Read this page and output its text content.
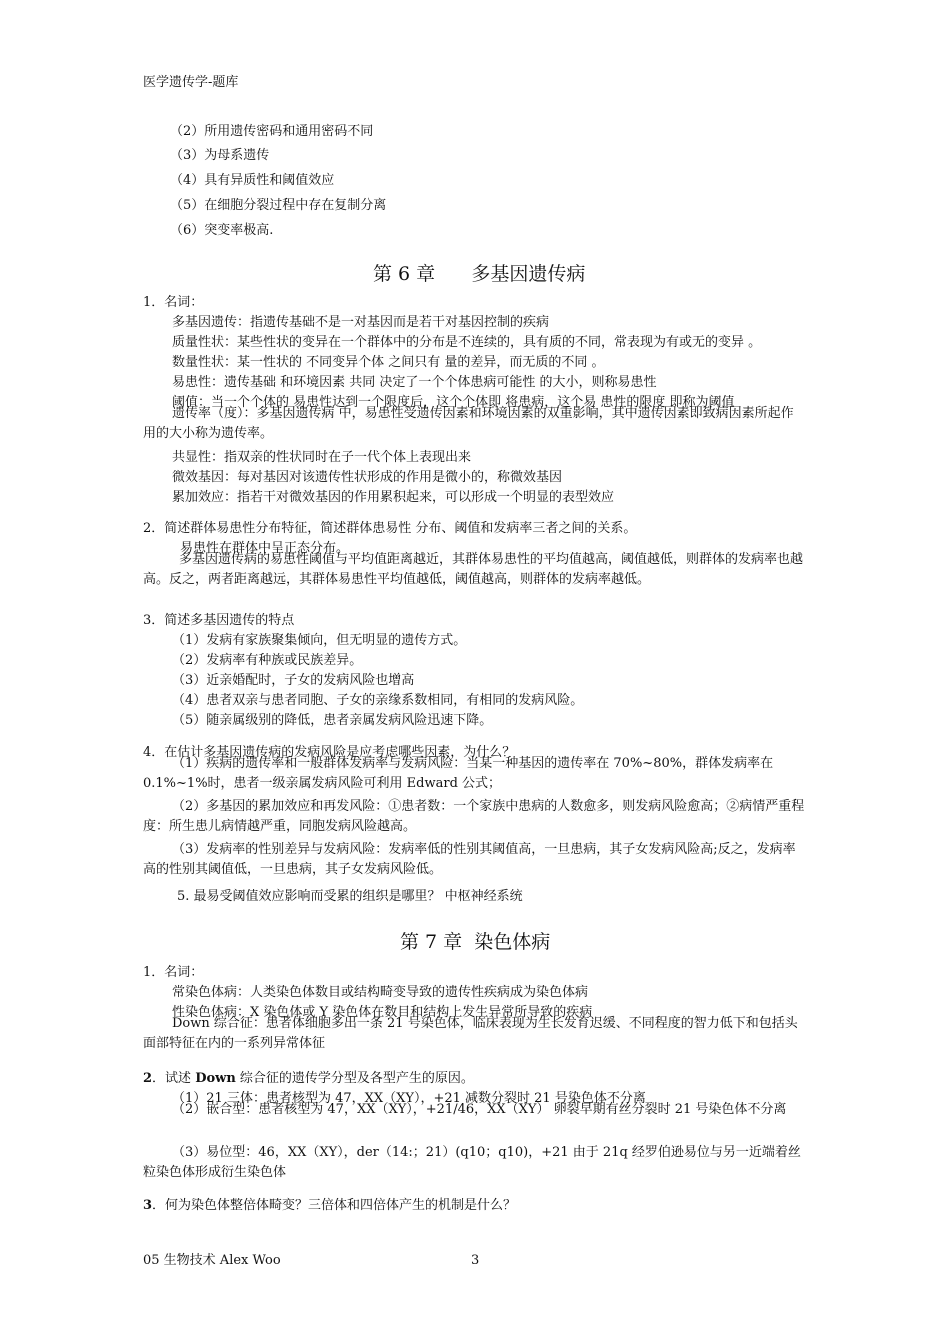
医学遗传学-题库
（2）所用遗传密码和通用密码不同
（3）为母系遗传
（4）具有异质性和阈值效应
（5）在细胞分裂过程中存在复制分离
（6）突变率极高.
第 6 章      多基因遗传病
1．名词：
多基因遗传：指遗传基础不是一对基因而是若干对基因控制的疾病
质量性状：某些性状的变异在一个群体中的分布是不连续的，具有质的不同，常表现为有或无的变异 。
数量性状：某一性状的 不同变异个体 之间只有 量的差异，而无质的不同 。
易患性：遗传基础 和环境因素 共同 决定了一个个体患病可能性 的大小，则称易患性
阈值：当一个个体的 易患性达到一个限度后，这个个体即 将患病，这个易 患性的限度 即称为阈值
遗传率（度）：多基因遗传病 中，易患性受遗传因素和环境因素的双重影响，其中遗传因素即致病因素所起作用的大小称为遗传率。
共显性：指双亲的性状同时在子一代个体上表现出来
微效基因：每对基因对该遗传性状形成的作用是微小的，称微效基因
累加效应：指若干对微效基因的作用累积起来，可以形成一个明显的表型效应
2．简述群体易患性分布特征，简述群体患易性 分布、阈值和发病率三者之间的关系。
易患性在群体中呈正态分布。
多基因遗传病的易患性阈值与平均值距离越近，其群体易患性的平均值越高，阈值越低，则群体的发病率也越高。反之，两者距离越远，其群体易患性平均值越低，阈值越高，则群体的发病率越低。
3．简述多基因遗传的特点
（1）发病有家族聚集倾向，但无明显的遗传方式。
（2）发病率有种族或民族差异。
（3）近亲婚配时，子女的发病风险也增高
（4）患者双亲与患者同胞、子女的亲缘系数相同，有相同的发病风险。
（5）随亲属级别的降低，患者亲属发病风险迅速下降。
4．在估计多基因遗传病的发病风险是应考虑哪些因素，为什么？
（1）疾病的遗传率和一般群体发病率与发病风险：当某一种基因的遗传率在 70%~80%，群体发病率在 0.1%~1%时，患者一级亲属发病风险可利用 Edward 公式；
（2）多基因的累加效应和再发风险：①患者数：一个家族中患病的人数愈多，则发病风险愈高；②病情严重程度：所生患儿病情越严重，同胞发病风险越高。
（3）发病率的性别差异与发病风险：发病率低的性别其阈值高，一旦患病，其子女发病风险高;反之，发病率高的性别其阈值低，一旦患病，其子女发病风险低。
5. 最易受阈值效应影响而受累的组织是哪里？ 中枢神经系统
第 7 章  染色体病
1．名词：
常染色体病：人类染色体数目或结构畸变导致的遗传性疾病成为染色体病
性染色体病：X 染色体或 Y 染色体在数目和结构上发生异常所导致的疾病
Down 综合征：患者体细胞多出一条 21 号染色体，临床表现为生长发育迟缓、不同程度的智力低下和包括头面部特征在内的一系列异常体征
2．试述 Down 综合征的遗传学分型及各型产生的原因。
（1）21 三体：患者核型为 47，XX（XY），+21 减数分裂时 21 号染色体不分离
（2）嵌合型：患者核型为 47，XX（XY），+21/46，XX（XY） 卵裂早期有丝分裂时 21 号染色体不分离
（3）易位型：46，XX（XY），der（14:；21）(q10；q10)，+21 由于 21q 经罗伯逊易位与另一近端着丝粒染色体形成衍生染色体
3．何为染色体整倍体畸变？三倍体和四倍体产生的机制是什么？
05 生物技术 Alex Woo	3
